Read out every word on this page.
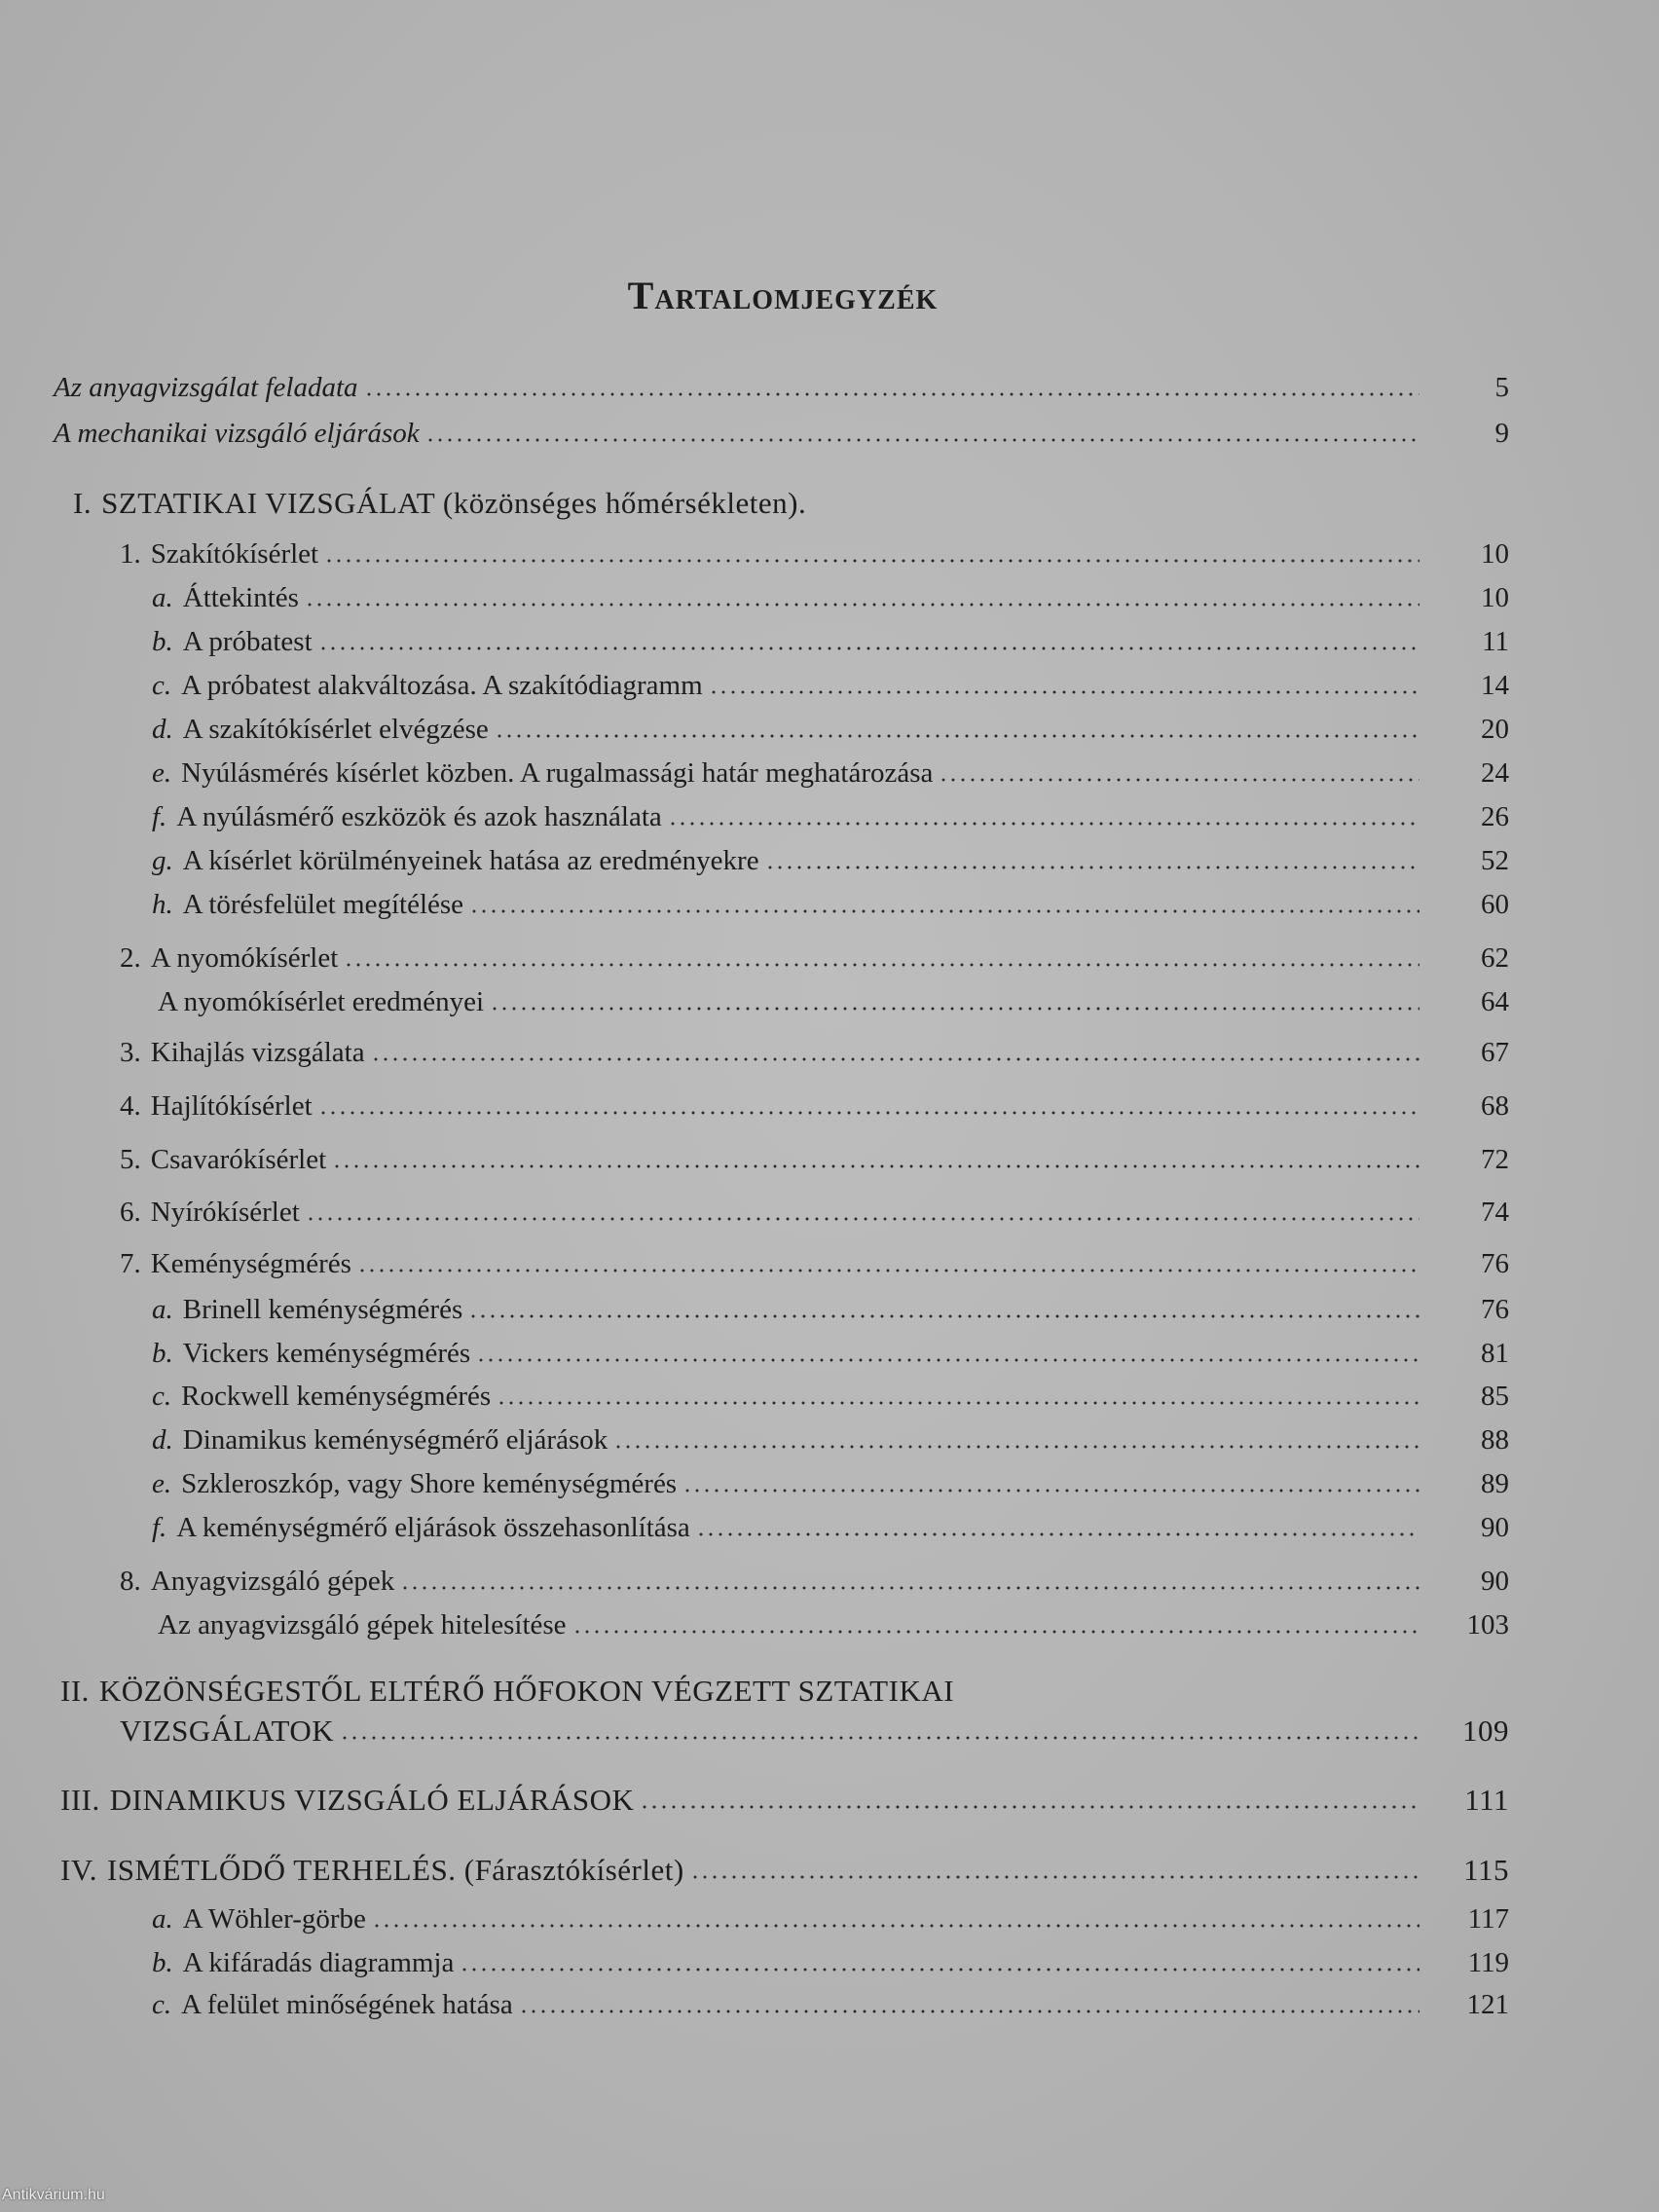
Tartalomjegyzék
Az anyagvizsgálat feladata	5
A mechanikai vizsgáló eljárások	9
I. SZTATIKAI VIZSGÁLAT (közönséges hőmérsékleten).
1. Szakítókísérlet	10
a. Áttekintés	10
b. A próbatest	11
c. A próbatest alakváltozása. A szakítódiagramm	14
d. A szakítókísérlet elvégzése	20
e. Nyúlásmérés kísérlet közben. A rugalmassági határ meghatározása	24
f. A nyúlásmérő eszközök és azok használata	26
g. A kísérlet körülményeinek hatása az eredményekre	52
h. A törésfelület megítélése	60
2. A nyomókísérlet	62
A nyomókísérlet eredményei	64
3. Kihajlás vizsgálata	67
4. Hajlítókísérlet	68
5. Csavarókísérlet	72
6. Nyírókísérlet	74
7. Keménységmérés	76
a. Brinell keménységmérés	76
b. Vickers keménységmérés	81
c. Rockwell keménységmérés	85
d. Dinamikus keménységmérő eljárások	88
e. Szkleroszkóp, vagy Shore keménységmérés	89
f. A keménységmérő eljárások összehasonlítása	90
8. Anyagvizsgáló gépek	90
Az anyagvizsgáló gépek hitelesítése	103
II. KÖZÖNSÉGESTŐL ELTÉRŐ HŐFOKON VÉGZETT SZTATIKAI
VIZSGÁLATOK	109
III. DINAMIKUS VIZSGÁLÓ ELJÁRÁSOK	111
IV. ISMÉTLŐDŐ TERHELÉS. (Fárasztókísérlet)	115
a. A Wöhler-görbe	117
b. A kifáradás diagrammja	119
c. A felület minőségének hatása	121
Antikvárium.hu
